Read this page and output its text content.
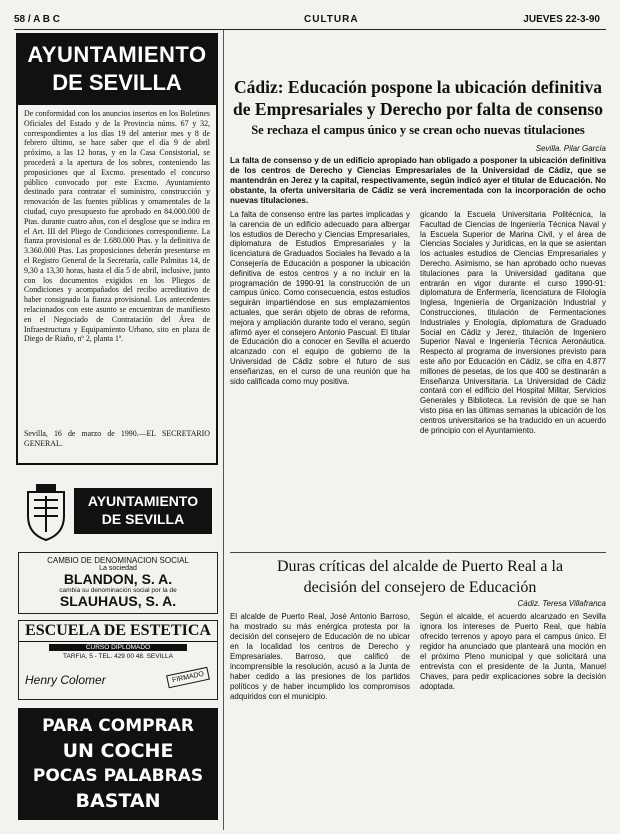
58 / A B C	CULTURA	JUEVES 22-3-90
AYUNTAMIENTO
DE SEVILLA
De conformidad con los anuncios insertos en los Boletines Oficiales del Estado y de la Provincia núms. 67 y 32, correspondientes a los días 19 del anterior mes y 8 de febrero último, se hace saber que el día 9 de abril próximo, a las 12 horas, y en la Casa Consistorial, se procederá a la apertura de los sobres, conteniendo las proposiciones que al Excmo. presentado el concurso público convocado por este Excmo. Ayuntamiento destinado para contratar el suministro, construcción y renovación de las fuentes públicas y ornamentales de la ciudad, cuyo presupuesto fue aprobado en 84.000.000 de Ptas. durante cuatro años, con el desglose que se indica en el Art. III del Pliego de Condiciones correspondiente. La fianza provisional es de 1.680.000 Ptas. y la definitiva de 3.360.000 Ptas. Las proposiciones deberán presentarse en el Registro General de la Secretaría, calle Palmitas 14, de 9,30 a 13,30 horas, hasta el día 5 de abril, inclusive, junto con los documentos exigidos en los Pliegos de Condiciones y acompañados del recibo acreditativo de haber consignado la fianza provisional. Los antecedentes relacionados con este asunto se encuentran de manifiesto en el Negociado de Contratación del Área de Infraestructura y Equipamiento Urbano, sito en plaza de Diego de Riaño, nº 2, planta 1ª.
Sevilla, 16 de marzo de 1990.—EL SECRETARIO GENERAL.
AYUNTAMIENTO
DE SEVILLA
CAMBIO DE DENOMINACION SOCIAL
La sociedad
BLANDON, S. A.
cambia su denominación social por la de
SLAUHAUS, S. A.
ESCUELA DE ESTETICA
CURSO DIPLOMADO
TARFIA, 5 - TEL. 429 00 48. SEVILLA
Henry Colomer	FIRMADO
PARA COMPRAR
UN COCHE
POCAS PALABRAS
BASTAN
Cádiz: Educación pospone la ubicación definitiva de Empresariales y Derecho por falta de consenso
Se rechaza el campus único y se crean ocho nuevas titulaciones
Sevilla. Pilar García
La falta de consenso y de un edificio apropiado han obligado a posponer la ubicación definitiva de los centros de Derecho y Ciencias Empresariales de la Universidad de Cádiz, que se mantendrán en Jerez y la capital, respectivamente, según indicó ayer el titular de Educación. No obstante, la oferta universitaria de Cádiz se verá incrementada con la incorporación de ocho nuevas titulaciones.
La falta de consenso entre las partes implicadas y la carencia de un edificio adecuado para albergar los estudios de Derecho y Ciencias Empresariales, diplomatura de Estudios Empresariales y la licenciatura de Graduados Sociales ha llevado a la Consejería de Educación a posponer la ubicación definitiva de estos centros y a no incluir en la programación de 1990-91 la construcción de un campus único. Como consecuencia, estos estudios seguirán impartiéndose en sus emplazamientos actuales, que serán objeto de obras de reforma, mejora y ampliación durante todo el verano, según afirmó ayer el consejero Antonio Pascual. El titular de Educación dio a conocer en Sevilla el acuerdo alcanzado con el equipo de gobierno de la Universidad de Cádiz sobre el futuro de sus enseñanzas, en el curso de una reunión que ha sido calificada como muy positiva.
gicando la Escuela Universitaria Politécnica, la Facultad de Ciencias de Ingeniería Técnica Naval y la Escuela Superior de Marina Civil, y el área de Ciencias Sociales y Jurídicas, en la que se asientan los actuales estudios de Ciencias Empresariales y Derecho. Asimismo, se han aprobado ocho nuevas titulaciones para la Universidad gaditana que entrarán en vigor durante el curso 1990-91: diplomatura de Enfermería, licenciatura de Filología Inglesa, Ingeniería de Organización Industrial y Construcciones, titulación de Fermentaciones Industriales y Enología, diplomatura de Graduado Social en Cádiz y Jerez, titulación de Ingeniero Superior Naval e Ingeniería Técnica Aeronáutica. Respecto al programa de inversiones previsto para este año por Educación en Cádiz, se cifra en 4.877 millones de pesetas, de los que 400 se destinarán a Enseñanza Universitaria. La Universidad de Cádiz contará con el edificio del Hospital Militar, Servicios Generales y Biblioteca. La revisión de que se han visto pisa en las últimas semanas la ubicación de los centros universitarios se ha traducido en un acuerdo de principio con el Ayuntamiento.
Duras críticas del alcalde de Puerto Real a la decisión del consejero de Educación
Cádiz. Teresa Villafranca
El alcalde de Puerto Real, José Antonio Barroso, ha mostrado su más enérgica protesta por la decisión del consejero de Educación de no ubicar en la localidad los centros de Derecho y Empresariales. Barroso, que calificó de incomprensible la resolución, acusó a la Junta de haber cedido a las presiones de los partidos políticos y de haber incumplido los compromisos adquiridos con el municipio.
Según el alcalde, el acuerdo alcanzado en Sevilla ignora los intereses de Puerto Real, que había ofrecido terrenos y apoyo para el campus único. El regidor ha anunciado que planteará una moción en el próximo Pleno municipal y que solicitará una entrevista con el presidente de la Junta, Manuel Chaves, para pedir explicaciones sobre la decisión adoptada.
